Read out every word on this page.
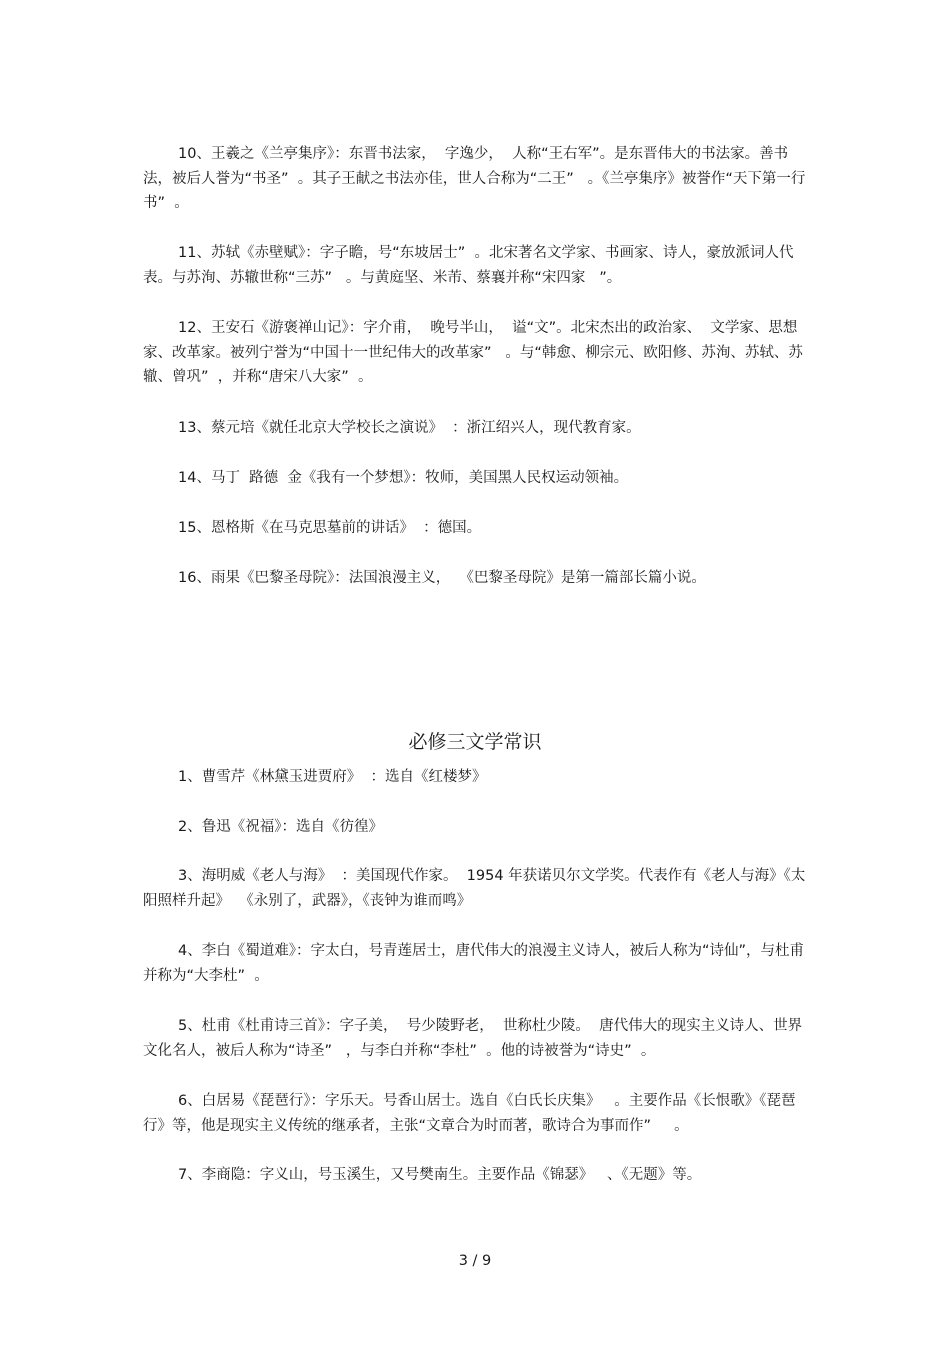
10、王羲之《兰亭集序》：东晋书法家，  字逸少，  人称“王右军”。是东晋伟大的书法家。善书法，被后人誉为“书圣”  。其子王献之书法亦佳，世人合称为“二王”   。《兰亭集序》被誉作“天下第一行书”  。

11、苏轼《赤壁赋》：字子瞻，号“东坡居士”  。北宋著名文学家、书画家、诗人，豪放派词人代表。与苏洵、苏辙世称“三苏”   。与黄庭坚、米芾、蔡襄并称“宋四家   ”。

12、王安石《游褒禅山记》：字介甫，  晚号半山，  谥“文”。北宋杰出的政治家、  文学家、思想家、改革家。被列宁誉为“中国十一世纪伟大的改革家”   。与“韩愈、柳宗元、欧阳修、苏洵、苏轼、苏辙、曾巩”  ，并称“唐宋八大家”  。

13、蔡元培《就任北京大学校长之演说》  ：浙江绍兴人，现代教育家。

14、马丁  路德  金《我有一个梦想》：牧师，美国黑人民权运动领袖。

15、恩格斯《在马克思墓前的讲话》  ：德国。

16、雨果《巴黎圣母院》：法国浪漫主义，  《巴黎圣母院》是第一篇部长篇小说。

必修三文学常识

1、曹雪芹《林黛玉进贾府》  ：选自《红楼梦》

2、鲁迅《祝福》：选自《彷徨》

3、海明威《老人与海》  ：美国现代作家。  1954 年获诺贝尔文学奖。代表作有《老人与海》《太阳照样升起》  《永别了，武器》，《丧钟为谁而鸣》

4、李白《蜀道难》：字太白，号青莲居士，唐代伟大的浪漫主义诗人，被后人称为“诗仙”，与杜甫并称为“大李杜”  。

5、杜甫《杜甫诗三首》：字子美，  号少陵野老，  世称杜少陵。  唐代伟大的现实主义诗人、世界文化名人，被后人称为“诗圣”   ，与李白并称“李杜”  。他的诗被誉为“诗史”  。

6、白居易《琵琶行》：字乐天。号香山居士。选自《白氏长庆集》   。主要作品《长恨歌》《琵琶行》等，他是现实主义传统的继承者，主张“文章合为时而著，歌诗合为事而作”     。

7、李商隐：字义山，号玉溪生，又号樊南生。主要作品《锦瑟》   、《无题》等。

3 / 9
